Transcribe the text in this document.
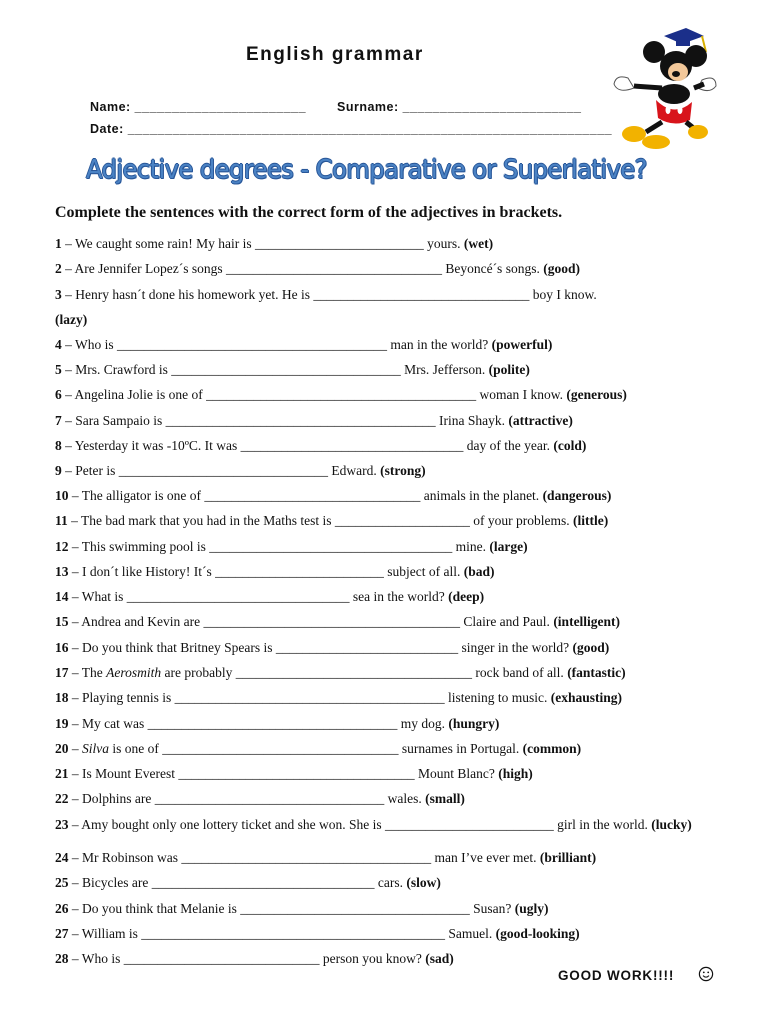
English grammar
Name: _______________________ Surname: ________________________
Date: _________________________________________________________________
Adjective degrees - Comparative or Superlative?
Complete the sentences with the correct form of the adjectives in brackets.
1 – We caught some rain! My hair is _________________________ yours. (wet)
2 – Are Jennifer Lopez´s songs ________________________________ Beyoncé´s songs. (good)
3 – Henry hasn´t done his homework yet. He is ________________________________ boy I know.
(lazy)
4 – Who is ________________________________________ man in the world? (powerful)
5 – Mrs. Crawford is __________________________________ Mrs. Jefferson. (polite)
6 – Angelina Jolie is one of ________________________________________ woman I know. (generous)
7 – Sara Sampaio is ________________________________________ Irina Shayk. (attractive)
8 – Yesterday it was -10ºC. It was _________________________________ day of the year. (cold)
9 – Peter is _______________________________ Edward. (strong)
10 – The alligator is one of ________________________________ animals in the planet. (dangerous)
11 – The bad mark that you had in the Maths test is ____________________ of your problems. (little)
12 – This swimming pool is ____________________________________ mine. (large)
13 – I don´t like History! It´s _________________________ subject of all. (bad)
14 – What is _________________________________ sea in the world? (deep)
15 – Andrea and Kevin are ______________________________________ Claire and Paul. (intelligent)
16 – Do you think that Britney Spears is ___________________________ singer in the world? (good)
17 – The Aerosmith are probably ___________________________________ rock band of all. (fantastic)
18 – Playing tennis is ________________________________________ listening to music. (exhausting)
19 – My cat was _____________________________________ my dog. (hungry)
20 – Silva is one of ___________________________________ surnames in Portugal. (common)
21 – Is Mount Everest ___________________________________ Mount Blanc? (high)
22 – Dolphins are __________________________________ wales. (small)
23 – Amy bought only one lottery ticket and she won. She is _________________________ girl in the world. (lucky)
24 – Mr Robinson was _____________________________________ man I’ve ever met. (brilliant)
25 – Bicycles are _________________________________ cars. (slow)
26 – Do you think that Melanie is __________________________________ Susan? (ugly)
27 – William is _____________________________________________ Samuel. (good-looking)
28 – Who is _____________________________ person you know? (sad)
GOOD WORK!!!!
